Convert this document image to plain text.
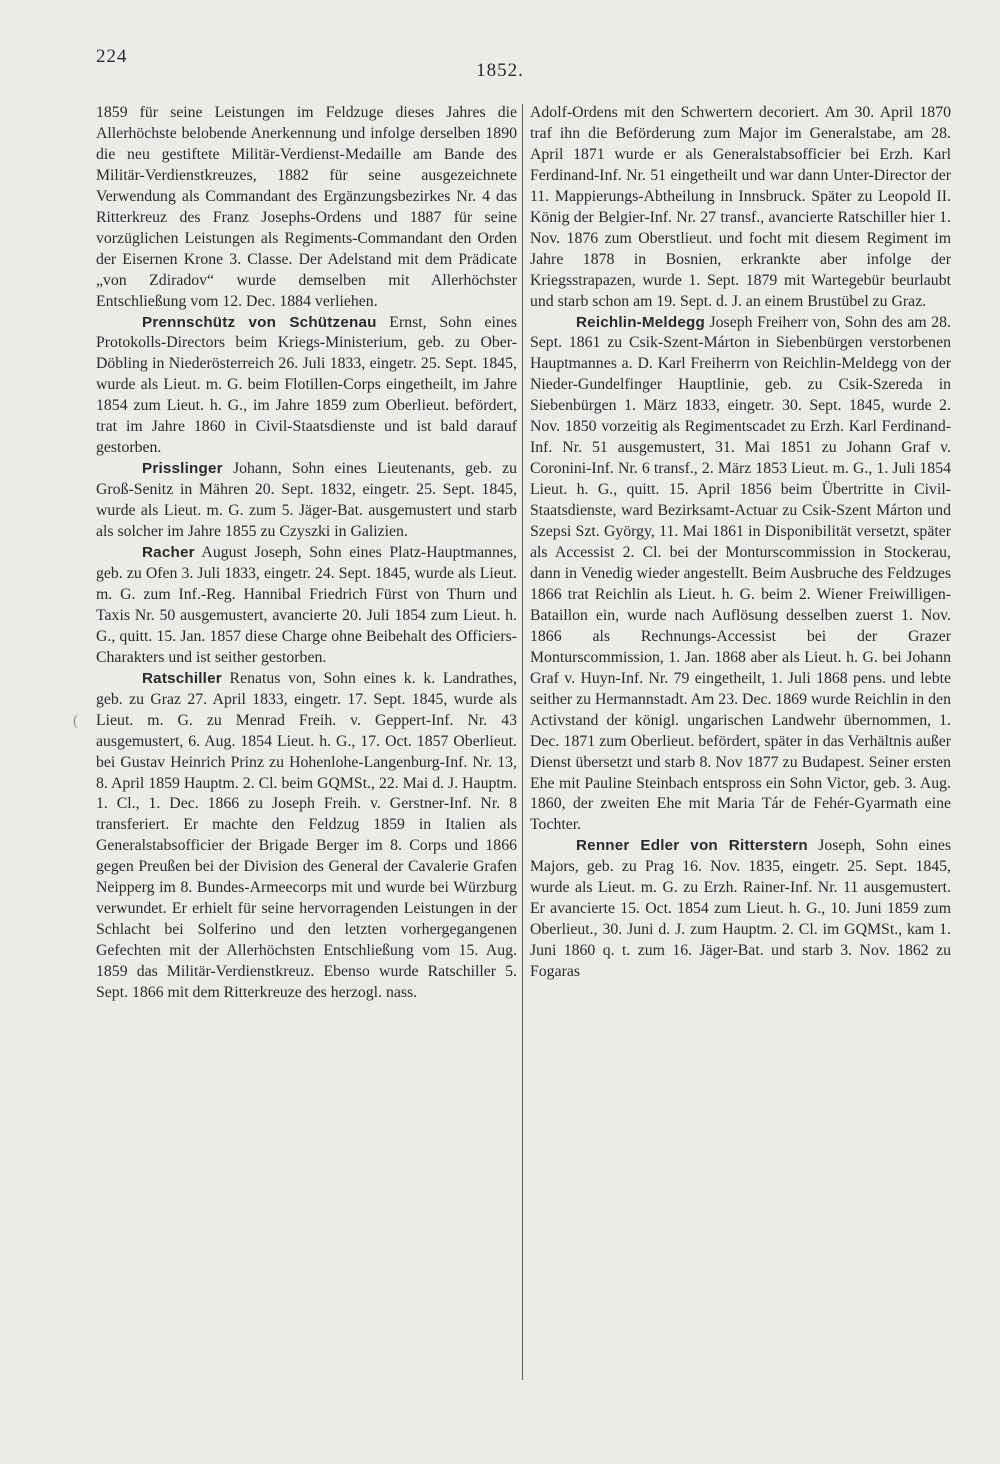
224
1852.
(

1859 für seine Leistungen im Feldzuge dieses Jahres die Allerhöchste belobende Anerkennung und infolge derselben 1890 die neu gestiftete Militär-Verdienst-Medaille am Bande des Militär-Verdienstkreuzes, 1882 für seine ausgezeichnete Verwendung als Commandant des Ergänzungsbezirkes Nr. 4 das Ritterkreuz des Franz Josephs-Ordens und 1887 für seine vorzüglichen Leistungen als Regiments-Commandant den Orden der Eisernen Krone 3. Classe. Der Adelstand mit dem Prädicate „von Zdiradov“ wurde demselben mit Allerhöchster Entschließung vom 12. Dec. 1884 verliehen.

Prennschütz von Schützenau Ernst, Sohn eines Protokolls-Directors beim Kriegs-Ministerium, geb. zu Ober-Döbling in Niederösterreich 26. Juli 1833, eingetr. 25. Sept. 1845, wurde als Lieut. m. G. beim Flotillen-Corps eingetheilt, im Jahre 1854 zum Lieut. h. G., im Jahre 1859 zum Oberlieut. befördert, trat im Jahre 1860 in Civil-Staatsdienste und ist bald darauf gestorben.

Prisslinger Johann, Sohn eines Lieutenants, geb. zu Groß-Senitz in Mähren 20. Sept. 1832, eingetr. 25. Sept. 1845, wurde als Lieut. m. G. zum 5. Jäger-Bat. ausgemustert und starb als solcher im Jahre 1855 zu Czyszki in Galizien.

Racher August Joseph, Sohn eines Platz-Hauptmannes, geb. zu Ofen 3. Juli 1833, eingetr. 24. Sept. 1845, wurde als Lieut. m. G. zum Inf.-Reg. Hannibal Friedrich Fürst von Thurn und Taxis Nr. 50 ausgemustert, avancierte 20. Juli 1854 zum Lieut. h. G., quitt. 15. Jan. 1857 diese Charge ohne Beibehalt des Officiers-Charakters und ist seither gestorben.

Ratschiller Renatus von, Sohn eines k. k. Landrathes, geb. zu Graz 27. April 1833, eingetr. 17. Sept. 1845, wurde als Lieut. m. G. zu Menrad Freih. v. Geppert-Inf. Nr. 43 ausgemustert, 6. Aug. 1854 Lieut. h. G., 17. Oct. 1857 Oberlieut. bei Gustav Heinrich Prinz zu Hohenlohe-Langenburg-Inf. Nr. 13, 8. April 1859 Hauptm. 2. Cl. beim GQMSt., 22. Mai d. J. Hauptm. 1. Cl., 1. Dec. 1866 zu Joseph Freih. v. Gerstner-Inf. Nr. 8 transferiert. Er machte den Feldzug 1859 in Italien als Generalstabsofficier der Brigade Berger im 8. Corps und 1866 gegen Preußen bei der Division des General der Cavalerie Grafen Neipperg im 8. Bundes-Armeecorps mit und wurde bei Würzburg verwundet. Er erhielt für seine hervorragenden Leistungen in der Schlacht bei Solferino und den letzten vorhergegangenen Gefechten mit der Allerhöchsten Entschließung vom 15. Aug. 1859 das Militär-Verdienstkreuz. Ebenso wurde Ratschiller 5. Sept. 1866 mit dem Ritterkreuze des herzogl. nass.

Adolf-Ordens mit den Schwertern decoriert. Am 30. April 1870 traf ihn die Beförderung zum Major im Generalstabe, am 28. April 1871 wurde er als Generalstabsofficier bei Erzh. Karl Ferdinand-Inf. Nr. 51 eingetheilt und war dann Unter-Director der 11. Mappierungs-Abtheilung in Innsbruck. Später zu Leopold II. König der Belgier-Inf. Nr. 27 transf., avancierte Ratschiller hier 1. Nov. 1876 zum Oberstlieut. und focht mit diesem Regiment im Jahre 1878 in Bosnien, erkrankte aber infolge der Kriegsstrapazen, wurde 1. Sept. 1879 mit Wartegebür beurlaubt und starb schon am 19. Sept. d. J. an einem Brustübel zu Graz.

Reichlin-Meldegg Joseph Freiherr von, Sohn des am 28. Sept. 1861 zu Csik-Szent-Márton in Siebenbürgen verstorbenen Hauptmannes a. D. Karl Freiherrn von Reichlin-Meldegg von der Nieder-Gundelfinger Hauptlinie, geb. zu Csik-Szereda in Siebenbürgen 1. März 1833, eingetr. 30. Sept. 1845, wurde 2. Nov. 1850 vorzeitig als Regimentscadet zu Erzh. Karl Ferdinand-Inf. Nr. 51 ausgemustert, 31. Mai 1851 zu Johann Graf v. Coronini-Inf. Nr. 6 transf., 2. März 1853 Lieut. m. G., 1. Juli 1854 Lieut. h. G., quitt. 15. April 1856 beim Übertritte in Civil-Staatsdienste, ward Bezirksamt-Actuar zu Csik-Szent Márton und Szepsi Szt. György, 11. Mai 1861 in Disponibilität versetzt, später als Accessist 2. Cl. bei der Monturscommission in Stockerau, dann in Venedig wieder angestellt. Beim Ausbruche des Feldzuges 1866 trat Reichlin als Lieut. h. G. beim 2. Wiener Freiwilligen-Bataillon ein, wurde nach Auflösung desselben zuerst 1. Nov. 1866 als Rechnungs-Accessist bei der Grazer Monturscommission, 1. Jan. 1868 aber als Lieut. h. G. bei Johann Graf v. Huyn-Inf. Nr. 79 eingetheilt, 1. Juli 1868 pens. und lebte seither zu Hermannstadt. Am 23. Dec. 1869 wurde Reichlin in den Activstand der königl. ungarischen Landwehr übernommen, 1. Dec. 1871 zum Oberlieut. befördert, später in das Verhältnis außer Dienst übersetzt und starb 8. Nov 1877 zu Budapest. Seiner ersten Ehe mit Pauline Steinbach entspross ein Sohn Victor, geb. 3. Aug. 1860, der zweiten Ehe mit Maria Tár de Fehér-Gyarmath eine Tochter.

Renner Edler von Ritterstern Joseph, Sohn eines Majors, geb. zu Prag 16. Nov. 1835, eingetr. 25. Sept. 1845, wurde als Lieut. m. G. zu Erzh. Rainer-Inf. Nr. 11 ausgemustert. Er avancierte 15. Oct. 1854 zum Lieut. h. G., 10. Juni 1859 zum Oberlieut., 30. Juni d. J. zum Hauptm. 2. Cl. im GQMSt., kam 1. Juni 1860 q. t. zum 16. Jäger-Bat. und starb 3. Nov. 1862 zu Fogaras
